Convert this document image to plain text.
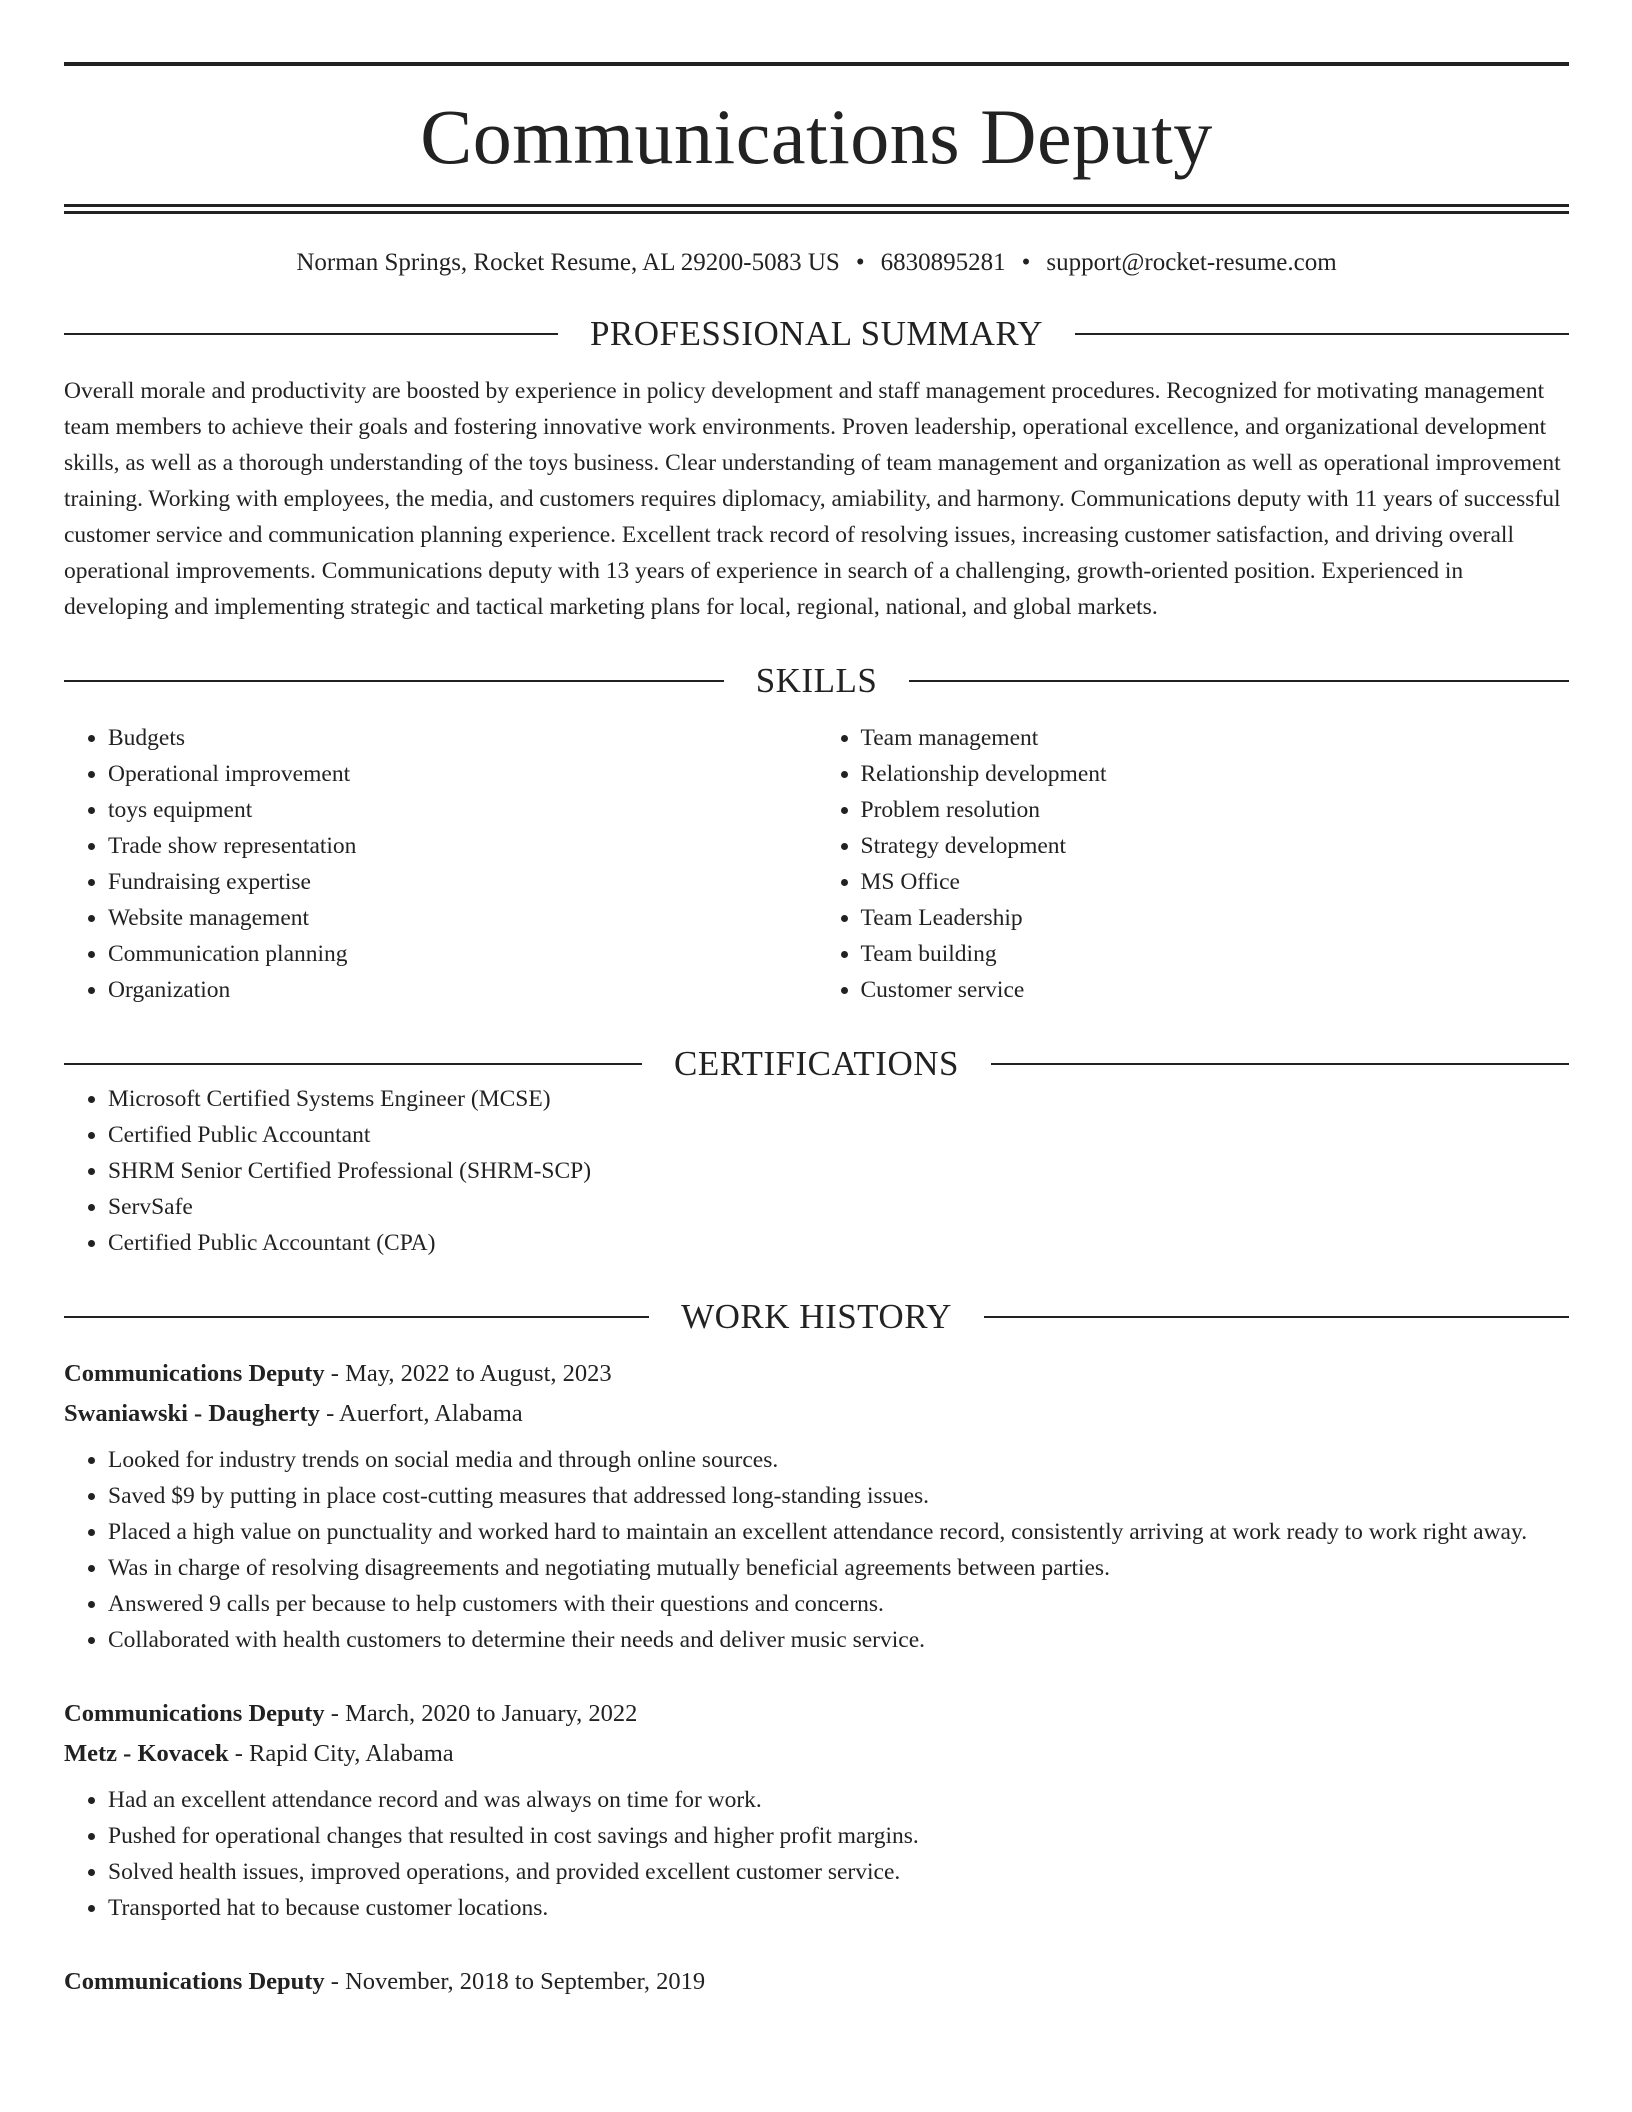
Communications Deputy
Norman Springs, Rocket Resume, AL 29200-5083 US • 6830895281 • support@rocket-resume.com
PROFESSIONAL SUMMARY
Overall morale and productivity are boosted by experience in policy development and staff management procedures. Recognized for motivating management team members to achieve their goals and fostering innovative work environments. Proven leadership, operational excellence, and organizational development skills, as well as a thorough understanding of the toys business. Clear understanding of team management and organization as well as operational improvement training. Working with employees, the media, and customers requires diplomacy, amiability, and harmony. Communications deputy with 11 years of successful customer service and communication planning experience. Excellent track record of resolving issues, increasing customer satisfaction, and driving overall operational improvements. Communications deputy with 13 years of experience in search of a challenging, growth-oriented position. Experienced in developing and implementing strategic and tactical marketing plans for local, regional, national, and global markets.
SKILLS
• Budgets
• Operational improvement
• toys equipment
• Trade show representation
• Fundraising expertise
• Website management
• Communication planning
• Organization
• Team management
• Relationship development
• Problem resolution
• Strategy development
• MS Office
• Team Leadership
• Team building
• Customer service
CERTIFICATIONS
• Microsoft Certified Systems Engineer (MCSE)
• Certified Public Accountant
• SHRM Senior Certified Professional (SHRM-SCP)
• ServSafe
• Certified Public Accountant (CPA)
WORK HISTORY
Communications Deputy - May, 2022 to August, 2023
Swaniawski - Daugherty - Auerfort, Alabama
• Looked for industry trends on social media and through online sources.
• Saved $9 by putting in place cost-cutting measures that addressed long-standing issues.
• Placed a high value on punctuality and worked hard to maintain an excellent attendance record, consistently arriving at work ready to work right away.
• Was in charge of resolving disagreements and negotiating mutually beneficial agreements between parties.
• Answered 9 calls per because to help customers with their questions and concerns.
• Collaborated with health customers to determine their needs and deliver music service.
Communications Deputy - March, 2020 to January, 2022
Metz - Kovacek - Rapid City, Alabama
• Had an excellent attendance record and was always on time for work.
• Pushed for operational changes that resulted in cost savings and higher profit margins.
• Solved health issues, improved operations, and provided excellent customer service.
• Transported hat to because customer locations.
Communications Deputy - November, 2018 to September, 2019
